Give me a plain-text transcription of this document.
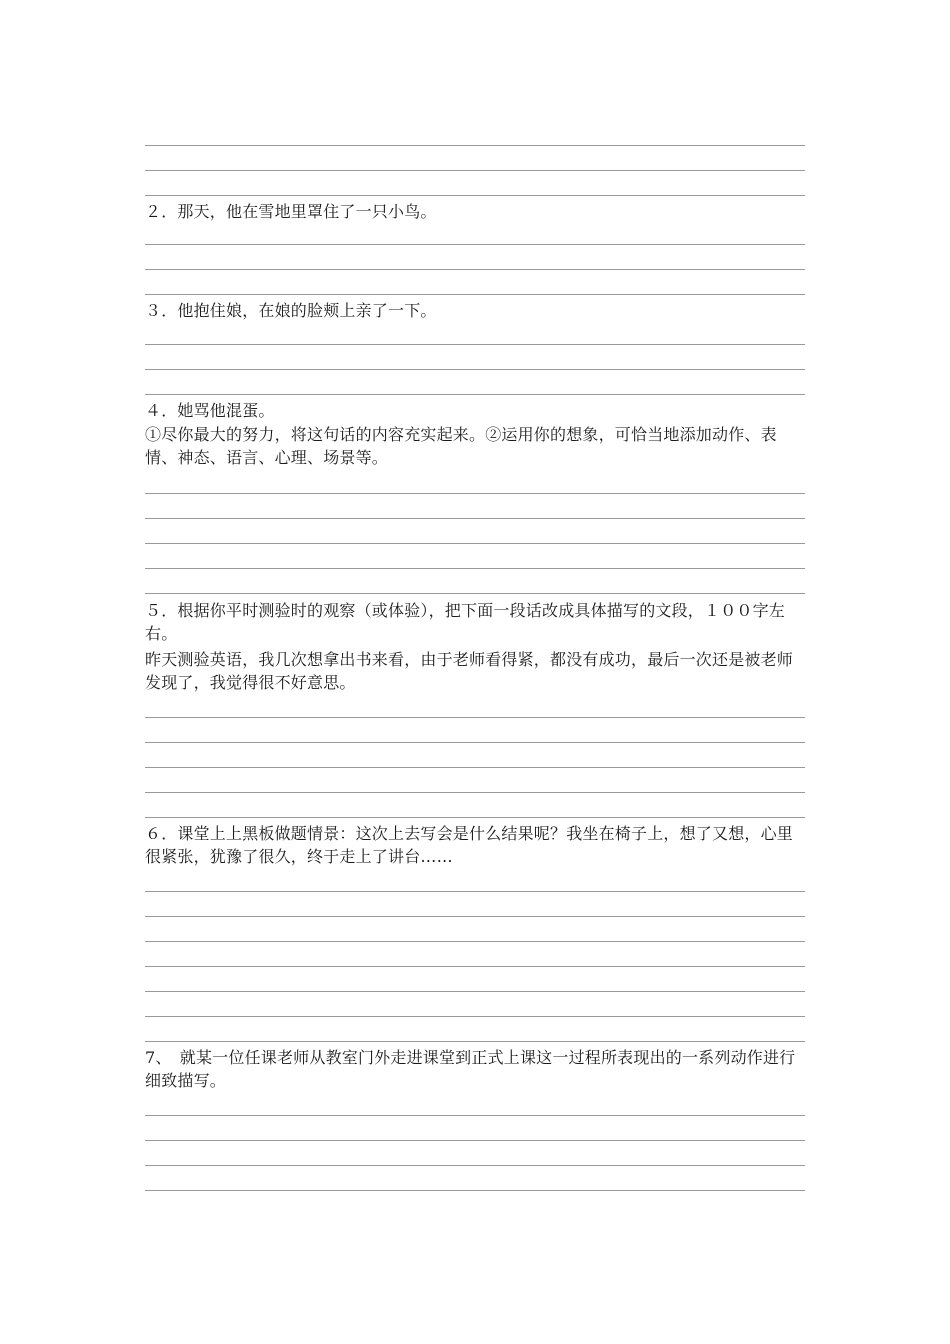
２．那天，他在雪地里罩住了一只小鸟。
３．他抱住娘，在娘的脸颊上亲了一下。
４．她骂他混蛋。
①尽你最大的努力，将这句话的内容充实起来。②运用你的想象，可恰当地添加动作、表情、神态、语言、心理、场景等。
５．根据你平时测验时的观察（或体验），把下面一段话改成具体描写的文段，１００字左右。
昨天测验英语，我几次想拿出书来看，由于老师看得紧，都没有成功，最后一次还是被老师发现了，我觉得很不好意思。
６．课堂上上黑板做题情景：这次上去写会是什么结果呢？我坐在椅子上，想了又想，心里很紧张，犹豫了很久，终于走上了讲台……
7、　就某一位任课老师从教室门外走进课堂到正式上课这一过程所表现出的一系列动作进行细致描写。
